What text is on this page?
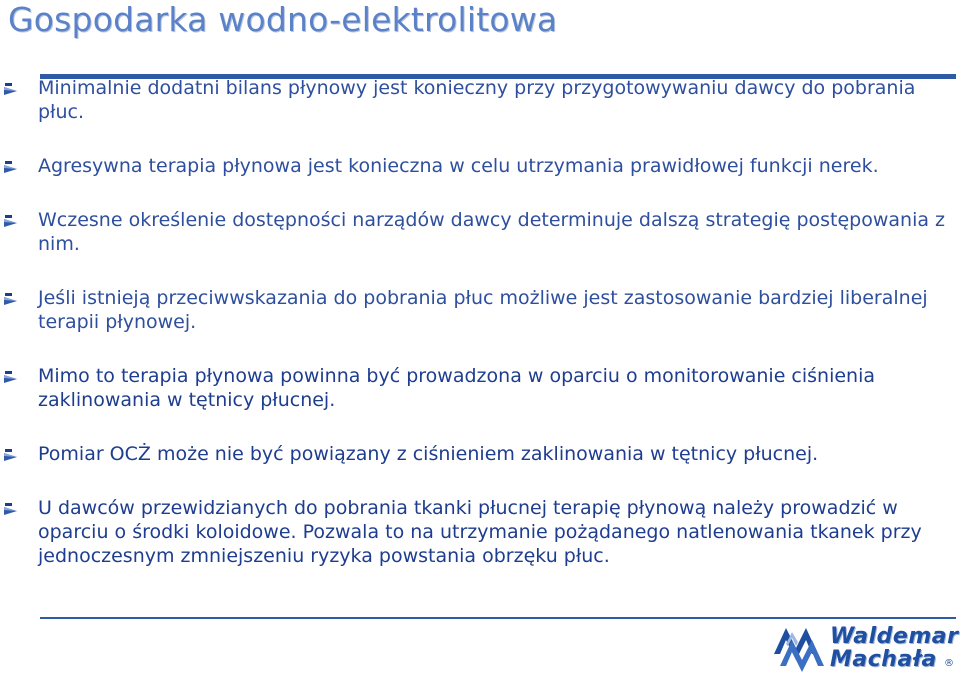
Gospodarka wodno-elektrolitowa
Minimalnie dodatni bilans płynowy jest konieczny przy przygotowywaniu dawcy do pobrania płuc.
Agresywna terapia płynowa jest konieczna w celu utrzymania prawidłowej funkcji nerek.
Wczesne określenie dostępności narządów dawcy determinuje dalszą strategię postępowania z nim.
Jeśli istnieją przeciwwskazania do pobrania płuc możliwe jest zastosowanie bardziej liberalnej terapii płynowej.
Mimo to terapia płynowa powinna być prowadzona w oparciu o monitorowanie ciśnienia zaklinowania w tętnicy płucnej.
Pomiar OCŻ może nie być powiązany z ciśnieniem zaklinowania w tętnicy płucnej.
U dawców przewidzianych do pobrania tkanki płucnej terapię płynową należy prowadzić w oparciu o środki koloidowe. Pozwala to na utrzymanie pożądanego natlenowania tkanek przy jednoczesnym zmniejszeniu ryzyka powstania obrzęku płuc.
Waldemar
Machała ®
